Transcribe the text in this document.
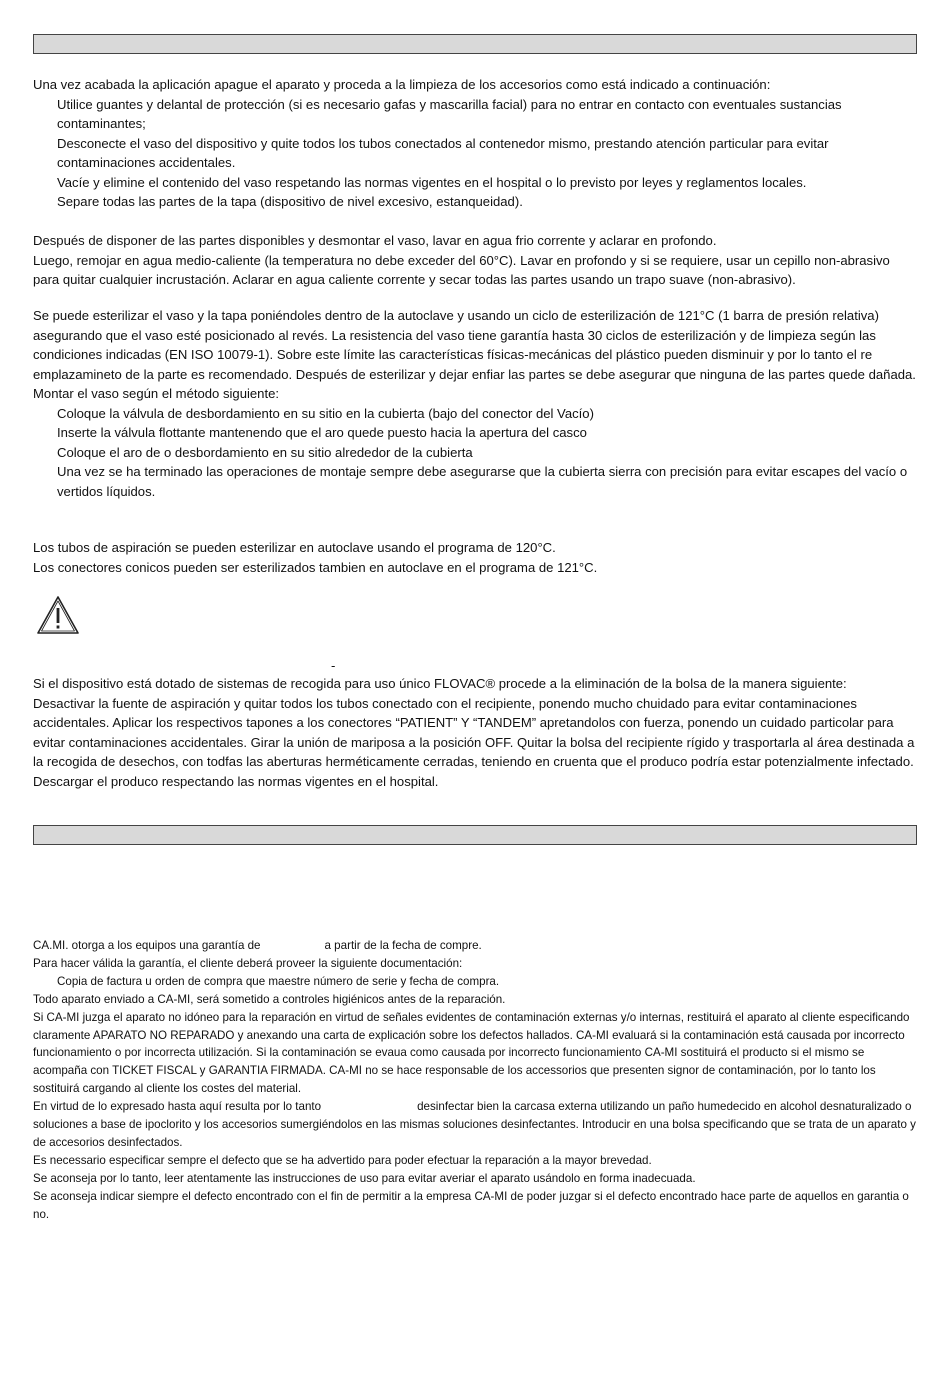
Una vez acabada la aplicación apague el aparato y proceda a la limpieza de los accesorios como está indicado a continuación:

Utilice guantes y delantal de protección (si es necesario gafas y mascarilla facial) para no entrar en contacto con eventuales sustancias contaminantes;

Desconecte el vaso del dispositivo y quite todos los tubos conectados al contenedor mismo, prestando atención particular para evitar contaminaciones accidentales.

Vacíe y elimine el contenido del vaso respetando las normas vigentes en el hospital o lo previsto por leyes y reglamentos locales.

Separe todas las partes de la tapa (dispositivo de nivel excesivo, estanqueidad).

Después de disponer de las partes disponibles y desmontar el vaso, lavar en agua frio corrente y aclarar en profondo.

Luego, remojar en agua medio-caliente (la temperatura no debe exceder del 60°C). Lavar en profondo y si se requiere, usar un cepillo non-abrasivo para quitar cualquier incrustación. Aclarar en agua caliente corrente y secar todas las partes usando un trapo suave (non-abrasivo).

Se puede esterilizar el vaso y la tapa poniéndoles dentro de la autoclave y usando un ciclo de esterilización de 121°C (1 barra de presión relativa) asegurando que el vaso esté posicionado al revés. La resistencia del vaso tiene garantía hasta 30 ciclos de esterilización y de limpieza según las condiciones indicadas (EN ISO 10079-1). Sobre este límite las características físicas-mecánicas del plástico pueden disminuir y por lo tanto el re emplazamineto de la parte es recomendado. Después de esterilizar y dejar enfiar las partes se debe asegurar que ninguna de las partes quede dañada.

Montar el vaso según el método siguiente:

Coloque la válvula de desbordamiento en su sitio en la cubierta (bajo del conector del Vacío)

Inserte la válvula flottante mantenendo que el aro quede puesto hacia la apertura del casco

Coloque el aro de o desbordamiento en su sitio alrededor de la cubierta

Una vez se ha terminado las operaciones de montaje sempre debe asegurarse que la cubierta sierra con precisión para evitar escapes del vacío o vertidos líquidos.

Los tubos de aspiración se pueden esterilizar en autoclave usando el programa de 120°C.

Los conectores conicos pueden ser esterilizados tambien en autoclave en el programa de 121°C.

-

Si el dispositivo está dotado de sistemas de recogida para uso único FLOVAC® procede a la eliminación de la bolsa de la manera siguiente:

Desactivar la fuente de aspiración y quitar todos los tubos conectado con el recipiente, ponendo mucho chuidado para evitar contaminaciones accidentales. Aplicar los respectivos tapones a los conectores “PATIENT” Y “TANDEM” apretandolos con fuerza, ponendo un cuidado particolar para evitar contaminaciones accidentales. Girar la unión de mariposa a la posición OFF. Quitar la bolsa del recipiente rígido y trasportarla al área destinada a la recogida de desechos, con todfas las aberturas herméticamente cerradas, teniendo en cruenta que el produco podría estar potenzialmente infectado. Descargar el produco respectando las normas vigentes en el hospital.

CA.MI. otorga a los equipos una garantía de	a partir de la fecha de compre.

Para hacer válida la garantía, el cliente deberá proveer la siguiente documentación:

Copia de factura u orden de compra que maestre número de serie y fecha de compra.

Todo aparato enviado a CA-MI, será sometido a controles higiénicos antes de la reparación.

Si CA-MI juzga el aparato no idóneo para la reparación en virtud de señales evidentes de contaminación externas y/o internas, restituirá el aparato al cliente especificando claramente APARATO NO REPARADO y anexando una carta de explicación sobre los defectos hallados. CA-MI evaluará si la contaminación está causada por incorrecto funcionamiento o por incorrecta utilización. Si la contaminación se evaua como causada por incorrecto funcionamiento CA-MI sostituirá el producto si el mismo se acompaña con TICKET FISCAL y GARANTIA FIRMADA. CA-MI no se hace responsable de los accessorios que presenten signor de contaminación, por lo tanto los sostituirá cargando al cliente los costes del material.

En virtud de lo expresado hasta aquí resulta por lo tanto	desinfectar bien la carcasa externa utilizando un paño humedecido en alcohol desnaturalizado o soluciones a base de ipoclorito y los accesorios sumergiéndolos en las mismas soluciones desinfectantes. Introducir en una bolsa specificando que se trata de un aparato y de accesorios desinfectados.

Es necessario especificar sempre el defecto que se ha advertido para poder efectuar la reparación a la mayor brevedad.

Se aconseja por lo tanto, leer atentamente las instrucciones de uso para evitar averiar el aparato usándolo en forma inadecuada.

Se aconseja indicar siempre el defecto encontrado con el fin de permitir a la empresa CA-MI de poder juzgar si el defecto encontrado hace parte de aquellos en garantia o no.
